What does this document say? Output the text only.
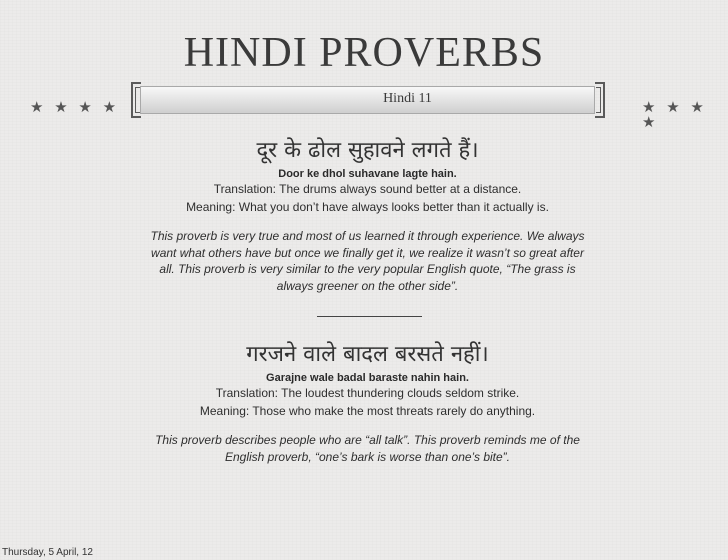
HINDI PROVERBS
Hindi 11
★ ★ ★ ★	★ ★ ★ ★
दूर के ढोल सुहावने लगते हैं।
Door ke dhol suhavane lagte hain.
Translation: The drums always sound better at a distance.
Meaning: What you don’t have always looks better than it actually is.
This proverb is very true and most of us learned it through experience. We always want what others have but once we finally get it, we realize it wasn’t so great after all. This proverb is very similar to the very popular English quote, “The grass is always greener on the other side”.
गरजने वाले बादल बरसते नहीं।
Garajne wale badal baraste nahin hain.
Translation: The loudest thundering clouds seldom strike.
Meaning: Those who make the most threats rarely do anything.
This proverb describes people who are “all talk”. This proverb reminds me of the English proverb, “one’s bark is worse than one’s bite”.
Thursday, 5 April, 12
